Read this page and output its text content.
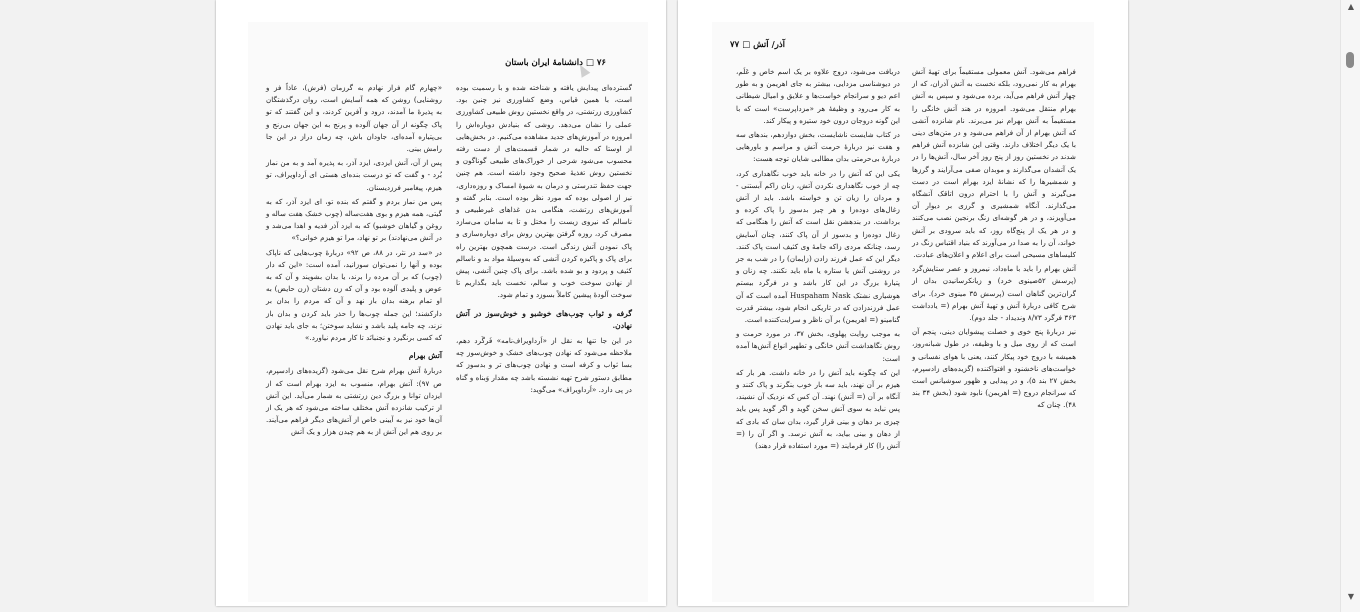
۷۶ □ دانشنامهٔ ایران باستان

گسترده‌ای پیدایش یافته و شناخته شده و با رسمیت بوده است، با همین قیاس، وضع کشاورزی نیز چنین بود. کشاورزی زرتشتی، در واقع نخستین روش طبیعی کشاورزی عملی را نشان می‌دهد. روشی که بنیادش دوباره‌اش را امروزه در آموزش‌های جدید مشاهده می‌کنیم. در بخش‌هایی از اوستا که حالیه در شمار قسمت‌های از دست رفته محسوب می‌شود شرحی از خوراک‌های طبیعی گوناگون و نخستین روش تغذیهٔ صحیح وجود داشته است. هم چنین جهت حفظ تندرستی و درمان به شیوهٔ امساک و روزه‌داری، نیز از اصولی بوده که مورد نظر بوده است. بنابر گفته و آموزش‌های زرتشت، هنگامی بدن غذاهای غیرطبیعی و ناسالم که نیروی زیست را مختل و تا به سامان می‌سازد مصرف کرد، روزه گرفتن بهترین روش برای دوباره‌سازی و پاک نمودن آتش زندگی است. درست همچون بهترین راه برای پاک و پاکیزه کردن آتشی که به‌وسیلهٔ مواد بد و ناسالم کثیف و پردود و بو شده باشد. برای پاک چنین آتشی، پیش از نهادن سوخت خوب و سالم، نخست باید بگذاریم تا سوخت آلودهٔ پیشین کاملاً بسوزد و تمام شود.

گرفه و ثواب چوب‌های خوشبو و خوش‌سوز در آتش نهادن.

در این جا تنها به نقل از «اَرداویراف‌نامه» فَرگَرد دهم، ملاحظه می‌شود که نهادن چوب‌های خشک و خوش‌سوز چه بسا ثواب و کرفه است و نهادن چوب‌های تر و بدسوز که مطابق دستور شرح تهیه نشسته باشد چه مقدار وَبناه و گناه در پی دارد. «اَرداویراف» می‌گوید:

«چهارم گام فراز نهادم به گرزمان (فرش)، عاذاً فز و روشنایی) روشن که همه آسایش است، روان درگذشتگان به پذیرهٔ ما آمدند، درود و آفرین کردند، و این گفتند که تو پاک چگونه از آن جهان آلوده و پرنج به این جهان بی‌رنج و بی‌پتیاره آمده‌ای، جاودان باش، چه زمان دراز در این جا رامش بینی.

پس از آن، آتش ایزدی، ایزد آذر، به پذیره آمد و به من نماز بُرد - و گفت که تو درست بنده‌ای هستی ای اَرداویراف، تو هیزم، پیغامبر فرزدیسنان.

پس من نماز بردم و گفتم که بنده تو، ای ایزد آذر، که به گیتی، همه هیزم و بوی هفت‌ساله (چوب خشک هفت ساله و روغن و گیاهان خوشبو) که به ایزد آذر فدیه و اهدا می‌شد و در آتش می‌نهادند) بر تو نهاد، مرا تو هیزم خوانی؟»

در «سد در نثر، در ۸۸، ص ۹۲» دربارهٔ چوب‌هایی که ناپاک بوده و آنها را نمی‌توان سوزانید، آمده است: «این که دار (چوب) که بر آن مرده را برند، یا بدان بشویند و آن که به عوض و پلیدی آلوده بود و آن که زن دشتان (زن حایض) به او تمام برهنه بدان باز نهد و آن که مردم را بدان بر دارکشند؛ این جمله چوب‌ها را حذر باید کردن و بدان باز نزند، چه جامه پلید باشد و نشاید سوختن؛ به جای باید نهادن که کسی برنگیرد و نجنبانَد تا کار مردم نیاورد.»

آتش بهرام

دربارهٔ آتش بهرام شرح نقل می‌شود (گزیده‌های زادسپرم، ص ۹۷): آتش بهرام، منسوب به ایزد بهرام است که از ایزدان توانا و بزرگ دین زرتشتی به شمار می‌آید. این آتش از ترکیب شانزده آتش مختلف ساخته می‌شود که هر یک از آن‌ها خود نیز به آیینی خاص از آتش‌های دیگر فراهم می‌آیند. بر روی هم این آتش از به هم چیدن هزار و یک آتش

آذر/ آتش □ ۷۷

فراهم می‌شود. آتش معمولی مستقیماً برای تهیهٔ آتش بهرام به کار نمی‌رود، بلکه نخست به آتش آذران، که از چهار آتش فراهم می‌آید، برده می‌شود و سپس به آتش بهرام منتقل می‌شود. امروزه در هند آتش خانگی را مستقیماً به آتش بهرام نیز می‌برند. نام شانزده آتشی که آتش بهرام از آن فراهم می‌شود و در متن‌های دینی با یک دیگر اختلاف دارند. وقتی این شانزده آتش فراهم شدند در نخستین روز از پنج روز آخر سال، آتش‌ها را در یک آتشدان می‌گذارند و موبدان صفی می‌آرایند و گرزها و شمشیرها را که نشانهٔ ایزد بهرام است در دست می‌گیرند و آتش را با احترام درون اتاقک آتشگاه می‌گذارند. آنگاه شمشیری و گرزی بر دیوار آن می‌آویزند، و در هر گوشه‌ای زنگ برنجین نصب می‌کنند و در هر یک از پنج‌گاه روز، که باید سرودی بر آتش خواند، آن را به صدا در می‌آورند که بنیاد اقتباس زنگ در کلیساهای مسیحی است برای اعلام و اعلان‌های عبادت.

آتش بهرام را باید با ماه‌داد، نیمروز و عصر ستایش‌گرد (پرسش ۵۲صینوی خرد) و زیانکرسانیدن بدان از گران‌ترین گناهان است (پرسش ۳۵ مینوی خرد). برای شرح کافی دربارهٔ آتش و تهیهٔ آتش بهرام (= یادداشت ۳۶۳ فرگرد ۸/۷۳ وندیداد - جلد دوم).

نیز دربارهٔ پنج خوی و خصلت پیشوایان دینی، پنجم آن است که از روی میل و با وظیفه، در طول شبانه‌روز، همیشه با دروج خود پیکار کنند، یعنی با هوای نفسانی و خواست‌های ناخشنود و افتواکننده (گزیده‌های زادسپرم، بخش ۲۷ بند ۵)، و در پیدایی و ظهور سوشیانس است که سرانجام دروج (= اهریمن) نابود شود (بخش ۳۴ بند ۴۸). چنان که

دریافت می‌شود، دروج علاوه بر یک اسم خاص و عَلَم، در دیوشناسی مزدایی، بیشتر به جای اهریمن و به طور اعم دیو و سرانجام خواست‌ها و علایق و امیال شیطانی به کار می‌رود و وظیفهٔ هر «مزداپرست» است که با این گونه دروجان درون خود ستیزه و پیکار کند.

در کتاب شایست ناشایست، بخش دوازدهم، بندهای سه و هفت نیز دربارهٔ حرمت آتش و مراسم و باورهایی دربارهٔ بی‌حرمتی بدان مطالبی شایان توجه هست:

یکی این که آتش را در خانه باید خوب نگاهداری کرد، چه از خوب نگاهداری نکردن آتش، زنان زاکم آبستنی - و مردان را زیان تن و خواسته باشد. باید از آتش زغال‌های دوده‌زا و هر چیز بدسوز را پاک کرده و برداشت. در بندهشن نقل است که آتش را هنگامی که زغال دوده‌زا و بدسوز از آن پاک کنند، چنان آسایش رسد، چنانکه مردی زاکه جامهٔ وی کثیف است پاک کنند. دیگر این که عمل فرزند زادن (زایمان) را در شب به جز در روشنی آتش یا ستاره یا ماه باید نکنند. چه زنان و پتیارهٔ بزرگ در این کار باشد و در فرگرد بیستم هوشیاری نشتک Huspaham Nask آمده است که آن عمل فرزندزادن که در تاریکی انجام شود، بیشتر قدرت گنامینو (= اهریمن) بر آن ناظر و سرایت‌کننده است.

به موجب روایت پهلوی، بخش ۳۷، در مورد حرمت و روش نگاهداشت آتش خانگی و تطهیر انواع آتش‌ها آمده است:

این که چگونه باید آتش را در خانه داشت. هر بار که هیزم بر آن نهند، باید سه بار خوب بنگرند و پاک کنند و آنگاه بر آن (= آتش) نهند. آن کس که نزدیک آن نشیند، پس نباید به سوی آتش سخن گوید و اگر گوید پس باید چیزی بر دهان و بینی قرار گیرد، بدان سان که بادی که از دهان و بینی بیاید، به آتش نرسد. و اگر آن را (= آتش را) کار فرمایند (= مورد استفاده قرار دهند)

▲
▼
